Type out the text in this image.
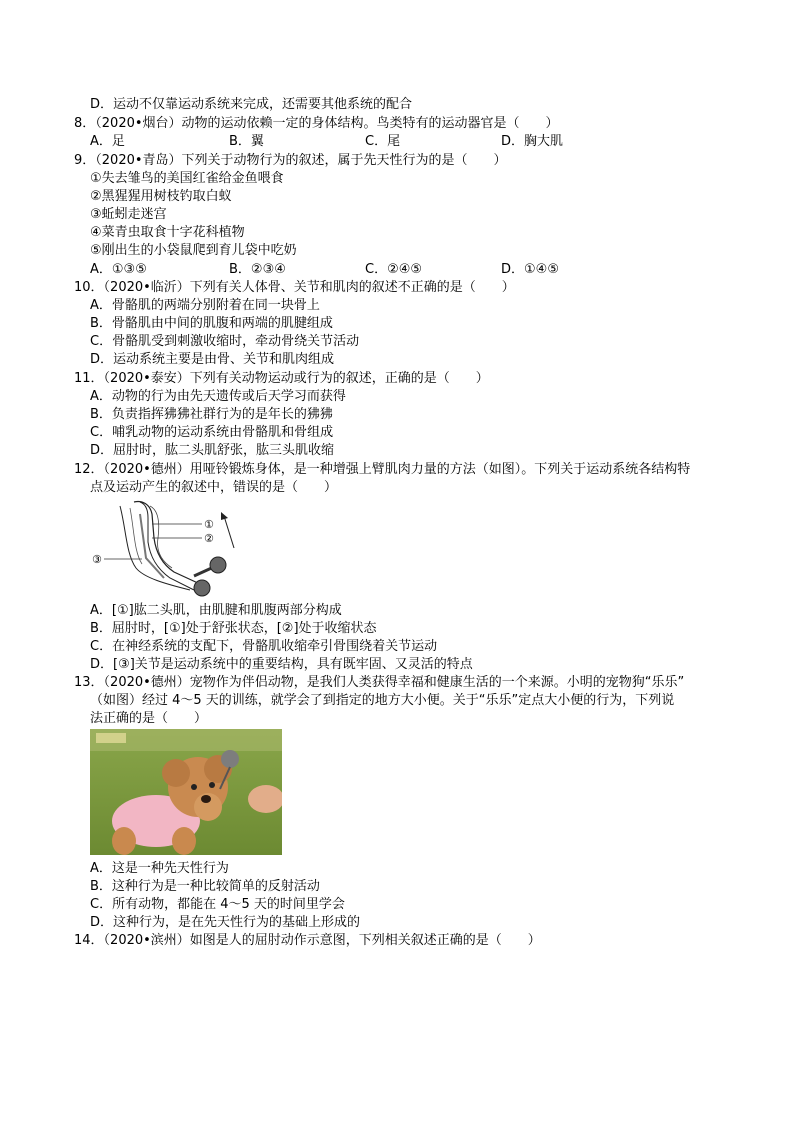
D．运动不仅靠运动系统来完成，还需要其他系统的配合
8．（2020•烟台）动物的运动依赖一定的身体结构。鸟类特有的运动器官是（　　）
A．足	B．翼	C．尾	D．胸大肌
9．（2020•青岛）下列关于动物行为的叙述，属于先天性行为的是（　　）
①失去雏鸟的美国红雀给金鱼喂食
②黑猩猩用树枝钓取白蚁
③蚯蚓走迷宫
④菜青虫取食十字花科植物
⑤刚出生的小袋鼠爬到育儿袋中吃奶
A．①③⑤	B．②③④	C．②④⑤	D．①④⑤
10．（2020•临沂）下列有关人体骨、关节和肌肉的叙述不正确的是（　　）
A．骨骼肌的两端分别附着在同一块骨上
B．骨骼肌由中间的肌腹和两端的肌腱组成
C．骨骼肌受到刺激收缩时，牵动骨绕关节活动
D．运动系统主要是由骨、关节和肌肉组成
11．（2020•泰安）下列有关动物运动或行为的叙述，正确的是（　　）
A．动物的行为由先天遗传或后天学习而获得
B．负责指挥狒狒社群行为的是年长的狒狒
C．哺乳动物的运动系统由骨骼肌和骨组成
D．屈肘时，肱二头肌舒张，肱三头肌收缩
12．（2020•德州）用哑铃锻炼身体，是一种增强上臂肌肉力量的方法（如图）。下列关于运动系统各结构特
点及运动产生的叙述中，错误的是（　　）
①
②
③
A．[①]肱二头肌，由肌腱和肌腹两部分构成
B．屈肘时，[①]处于舒张状态，[②]处于收缩状态
C．在神经系统的支配下，骨骼肌收缩牵引骨围绕着关节运动
D．[③]关节是运动系统中的重要结构，具有既牢固、又灵活的特点
13．（2020•德州）宠物作为伴侣动物，是我们人类获得幸福和健康生活的一个来源。小明的宠物狗“乐乐”
（如图）经过 4～5 天的训练，就学会了到指定的地方大小便。关于“乐乐”定点大小便的行为，下列说
法正确的是（　　）
A．这是一种先天性行为
B．这种行为是一种比较简单的反射活动
C．所有动物，都能在 4～5 天的时间里学会
D．这种行为，是在先天性行为的基础上形成的
14．（2020•滨州）如图是人的屈肘动作示意图，下列相关叙述正确的是（　　）
